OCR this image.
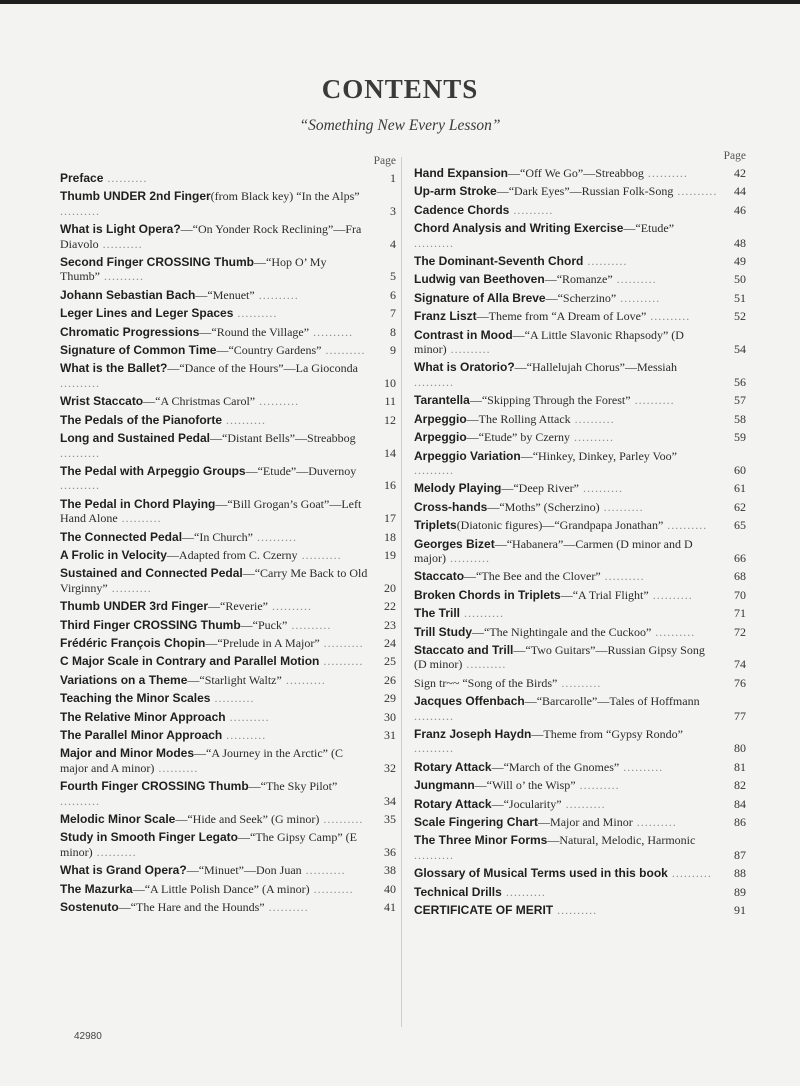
CONTENTS
“Something New Every Lesson”
Page
Preface ..........	1
Thumb UNDER 2nd Finger(from Black key) “In the Alps” ..........	3
What is Light Opera?—“On Yonder Rock Reclining”—Fra Diavolo ..........	4
Second Finger CROSSING Thumb—“Hop O’ My Thumb” ..........	5
Johann Sebastian Bach—“Menuet” ..........	6
Leger Lines and Leger Spaces ..........	7
Chromatic Progressions—“Round the Village” ..........	8
Signature of Common Time—“Country Gardens” ..........	9
What is the Ballet?—“Dance of the Hours”—La Gioconda ..........	10
Wrist Staccato—“A Christmas Carol” ..........	11
The Pedals of the Pianoforte ..........	12
Long and Sustained Pedal—“Distant Bells”—Streabbog ..........	14
The Pedal with Arpeggio Groups—“Etude”—Duvernoy ..........	16
The Pedal in Chord Playing—“Bill Grogan’s Goat”—Left Hand Alone ..........	17
The Connected Pedal—“In Church” ..........	18
A Frolic in Velocity—Adapted from C. Czerny ..........	19
Sustained and Connected Pedal—“Carry Me Back to Old Virginny” ..........	20
Thumb UNDER 3rd Finger—“Reverie” ..........	22
Third Finger CROSSING Thumb—“Puck” ..........	23
Frédéric François Chopin—“Prelude in A Major” ..........	24
C Major Scale in Contrary and Parallel Motion ..........	25
Variations on a Theme—“Starlight Waltz” ..........	26
Teaching the Minor Scales ..........	29
The Relative Minor Approach ..........	30
The Parallel Minor Approach ..........	31
Major and Minor Modes—“A Journey in the Arctic” (C major and A minor) ..........	32
Fourth Finger CROSSING Thumb—“The Sky Pilot” ..........	34
Melodic Minor Scale—“Hide and Seek” (G minor) ..........	35
Study in Smooth Finger Legato—“The Gipsy Camp” (E minor) ..........	36
What is Grand Opera?—“Minuet”—Don Juan ..........	38
The Mazurka—“A Little Polish Dance” (A minor) ..........	40
Sostenuto—“The Hare and the Hounds” ..........	41
Page
Hand Expansion—“Off We Go”—Streabbog ..........	42
Up-arm Stroke—“Dark Eyes”—Russian Folk-Song ..........	44
Cadence Chords ..........	46
Chord Analysis and Writing Exercise—“Etude” ..........	48
The Dominant-Seventh Chord ..........	49
Ludwig van Beethoven—“Romanze” ..........	50
Signature of Alla Breve—“Scherzino” ..........	51
Franz Liszt—Theme from “A Dream of Love” ..........	52
Contrast in Mood—“A Little Slavonic Rhapsody” (D minor) ..........	54
What is Oratorio?—“Hallelujah Chorus”—Messiah ..........	56
Tarantella—“Skipping Through the Forest” ..........	57
Arpeggio—The Rolling Attack ..........	58
Arpeggio—“Etude” by Czerny ..........	59
Arpeggio Variation—“Hinkey, Dinkey, Parley Voo” ..........	60
Melody Playing—“Deep River” ..........	61
Cross-hands—“Moths” (Scherzino) ..........	62
Triplets(Diatonic figures)—“Grandpapa Jonathan” ..........	65
Georges Bizet—“Habanera”—Carmen (D minor and D major) ..........	66
Staccato—“The Bee and the Clover” ..........	68
Broken Chords in Triplets—“A Trial Flight” ..........	70
The Trill ..........	71
Trill Study—“The Nightingale and the Cuckoo” ..........	72
Staccato and Trill—“Two Guitars”—Russian Gipsy Song (D minor) ..........	74
Sign tr~~ “Song of the Birds” ..........	76
Jacques Offenbach—“Barcarolle”—Tales of Hoffmann ..........	77
Franz Joseph Haydn—Theme from “Gypsy Rondo” ..........	80
Rotary Attack—“March of the Gnomes” ..........	81
Jungmann—“Will o’ the Wisp” ..........	82
Rotary Attack—“Jocularity” ..........	84
Scale Fingering Chart—Major and Minor ..........	86
The Three Minor Forms—Natural, Melodic, Harmonic ..........	87
Glossary of Musical Terms used in this book ..........	88
Technical Drills ..........	89
CERTIFICATE OF MERIT ..........	91
42980
